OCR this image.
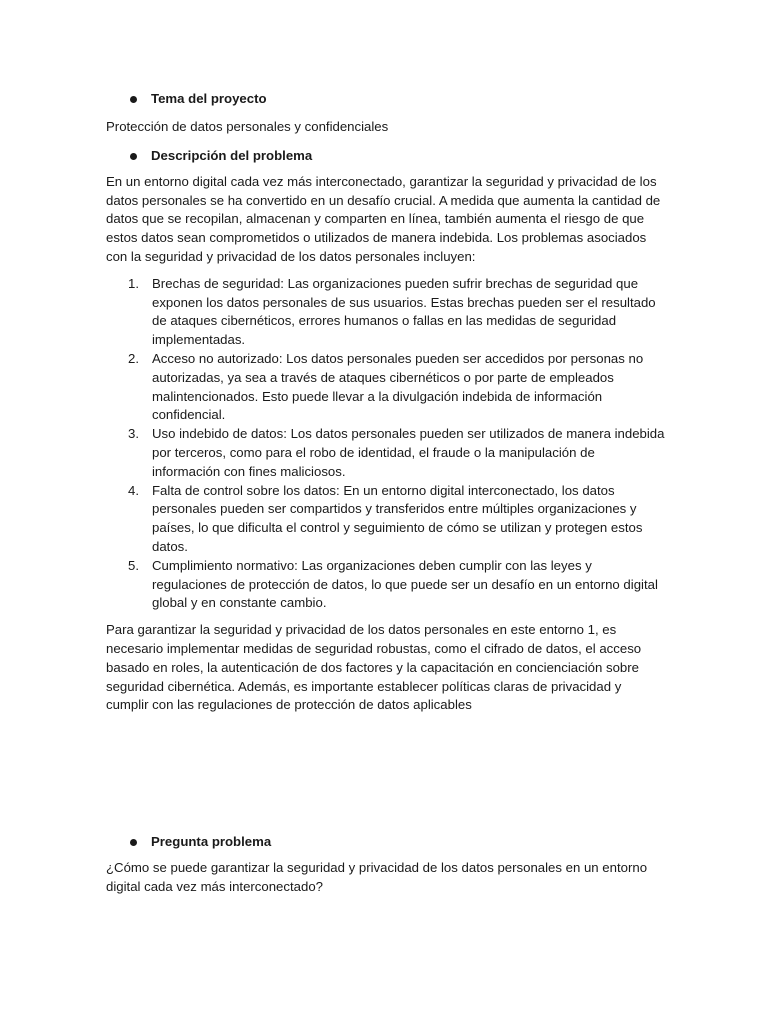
Tema del proyecto

Protección de datos personales y confidenciales

Descripción del problema

En un entorno digital cada vez más interconectado, garantizar la seguridad y privacidad de los datos personales se ha convertido en un desafío crucial. A medida que aumenta la cantidad de datos que se recopilan, almacenan y comparten en línea, también aumenta el riesgo de que estos datos sean comprometidos o utilizados de manera indebida. Los problemas asociados con la seguridad y privacidad de los datos personales incluyen:

1. Brechas de seguridad: Las organizaciones pueden sufrir brechas de seguridad que exponen los datos personales de sus usuarios. Estas brechas pueden ser el resultado de ataques cibernéticos, errores humanos o fallas en las medidas de seguridad implementadas.
2. Acceso no autorizado: Los datos personales pueden ser accedidos por personas no autorizadas, ya sea a través de ataques cibernéticos o por parte de empleados malintencionados. Esto puede llevar a la divulgación indebida de información confidencial.
3. Uso indebido de datos: Los datos personales pueden ser utilizados de manera indebida por terceros, como para el robo de identidad, el fraude o la manipulación de información con fines maliciosos.
4. Falta de control sobre los datos: En un entorno digital interconectado, los datos personales pueden ser compartidos y transferidos entre múltiples organizaciones y países, lo que dificulta el control y seguimiento de cómo se utilizan y protegen estos datos.
5. Cumplimiento normativo: Las organizaciones deben cumplir con las leyes y regulaciones de protección de datos, lo que puede ser un desafío en un entorno digital global y en constante cambio.

Para garantizar la seguridad y privacidad de los datos personales en este entorno 1, es necesario implementar medidas de seguridad robustas, como el cifrado de datos, el acceso basado en roles, la autenticación de dos factores y la capacitación en concienciación sobre seguridad cibernética. Además, es importante establecer políticas claras de privacidad y cumplir con las regulaciones de protección de datos aplicables

Pregunta problema

¿Cómo se puede garantizar la seguridad y privacidad de los datos personales en un entorno digital cada vez más interconectado?
